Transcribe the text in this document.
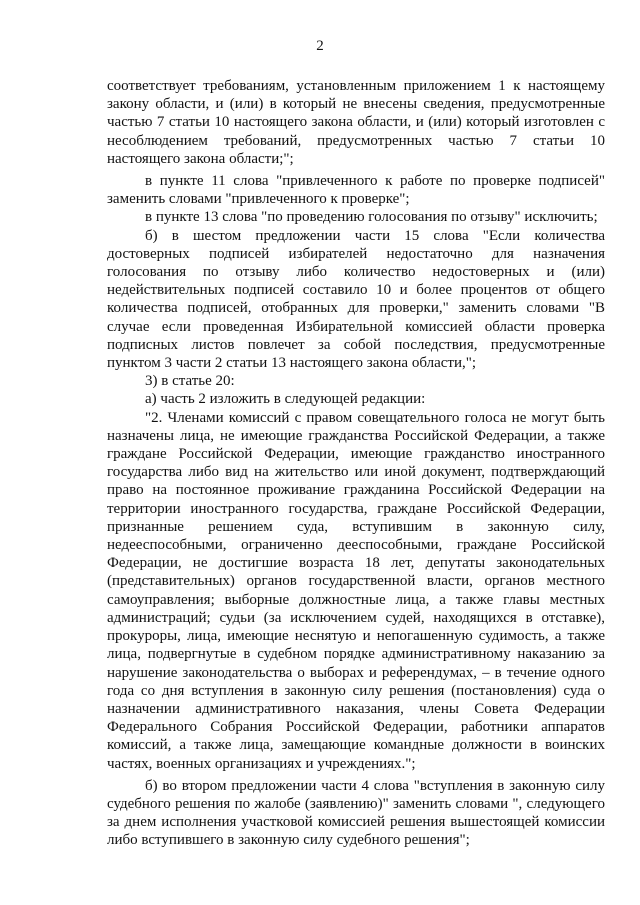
2

соответствует требованиям, установленным приложением 1 к настоящему закону области, и (или) в который не внесены сведения, предусмотренные частью 7 статьи 10 настоящего закона области, и (или) который изготовлен с несоблюдением требований, предусмотренных частью 7 статьи 10 настоящего закона области;";

в пункте 11 слова "привлеченного к работе по проверке подписей" заменить словами "привлеченного к проверке";

в пункте 13 слова "по проведению голосования по отзыву" исключить;

б) в шестом предложении части 15 слова "Если количества достоверных подписей избирателей недостаточно для назначения голосования по отзыву либо количество недостоверных и (или) недействительных подписей составило 10 и более процентов от общего количества подписей, отобранных для проверки," заменить словами "В случае если проведенная Избирательной комиссией области проверка подписных листов повлечет за собой последствия, предусмотренные пунктом 3 части 2 статьи 13 настоящего закона области,";

3) в статье 20:

а) часть 2 изложить в следующей редакции:

"2. Членами комиссий с правом совещательного голоса не могут быть назначены лица, не имеющие гражданства Российской Федерации, а также граждане Российской Федерации, имеющие гражданство иностранного государства либо вид на жительство или иной документ, подтверждающий право на постоянное проживание гражданина Российской Федерации на территории иностранного государства, граждане Российской Федерации, признанные решением суда, вступившим в законную силу, недееспособными, ограниченно дееспособными, граждане Российской Федерации, не достигшие возраста 18 лет, депутаты законодательных (представительных) органов государственной власти, органов местного самоуправления; выборные должностные лица, а также главы местных администраций; судьи (за исключением судей, находящихся в отставке), прокуроры, лица, имеющие неснятую и непогашенную судимость, а также лица, подвергнутые в судебном порядке административному наказанию за нарушение законодательства о выборах и референдумах, – в течение одного года со дня вступления в законную силу решения (постановления) суда о назначении административного наказания, члены Совета Федерации Федерального Собрания Российской Федерации, работники аппаратов комиссий, а также лица, замещающие командные должности в воинских частях, военных организациях и учреждениях.";

б) во втором предложении части 4 слова "вступления в законную силу судебного решения по жалобе (заявлению)" заменить словами ", следующего за днем исполнения участковой комиссией решения вышестоящей комиссии либо вступившего в законную силу судебного решения";
